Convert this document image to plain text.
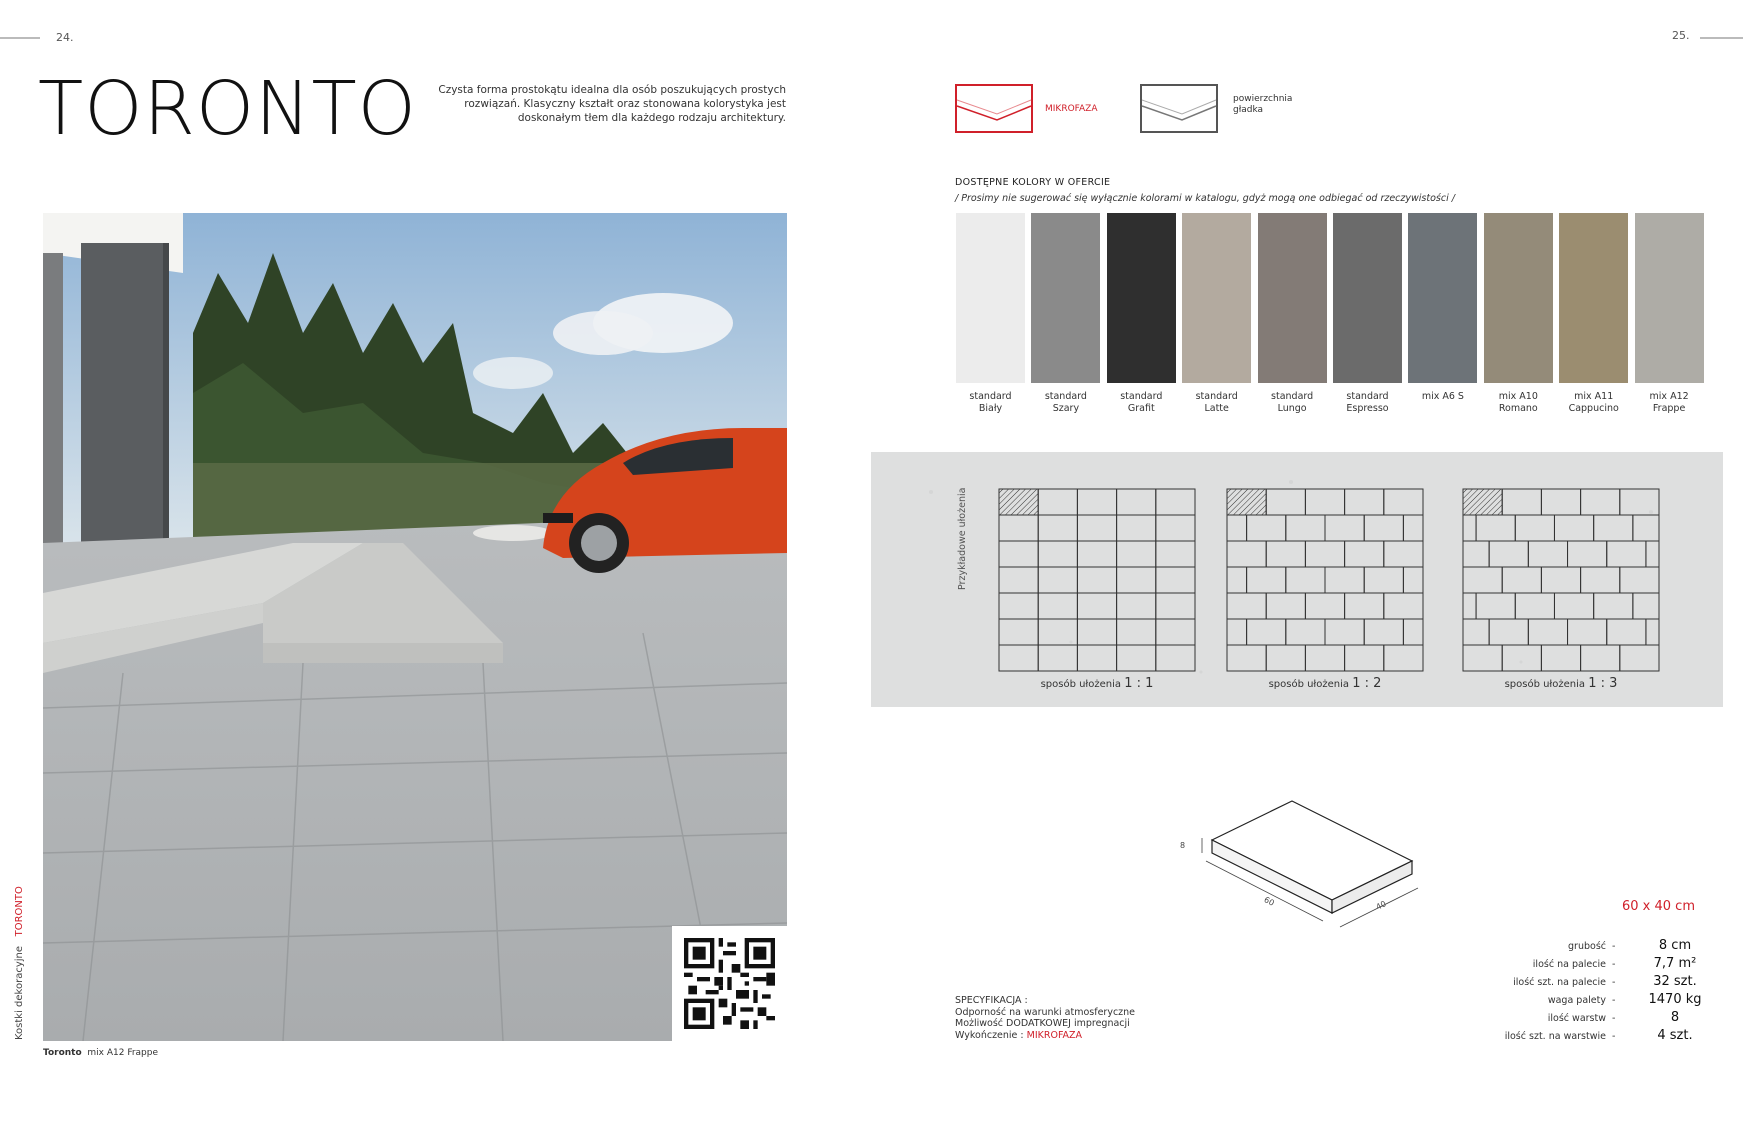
24.
TORONTO	Czysta forma prostokątu idealna dla osób poszukujących prostych rozwiązań. Klasyczny kształt oraz stonowana kolorystyka jest doskonałym tłem dla każdego rodzaju architektury.
Toronto mix A12 Frappe
Kostki dekoracyjne   TORONTO
25.
MIKROFAZA
powierzchnia gładka
DOSTĘPNE KOLORY W OFERCIE
/ Prosimy nie sugerować się wyłącznie kolorami w katalogu, gdyż mogą one odbiegać od rzeczywistości /
standard
Biały
standard
Szary
standard
Grafit
standard
Latte
standard
Lungo
standard
Espresso
mix A6 S	mix A10
Romano
mix A11
Cappucino
mix A12
Frappe
Przykładowe ułożenia
sposób ułożenia 1 : 1	sposób ułożenia 1 : 2	sposób ułożenia 1 : 3
8
60	40
SPECYFIKACJA :
Odporność na warunki atmosferyczne
Możliwość DODATKOWEJ impregnacji
Wykończenie : MIKROFAZA
60 x 40 cm
grubość -	8 cm
ilość na palecie -	7,7 m²
ilość szt. na palecie -	32 szt.
waga palety -	1470 kg
ilość warstw -	8
ilość szt. na warstwie -	4 szt.
